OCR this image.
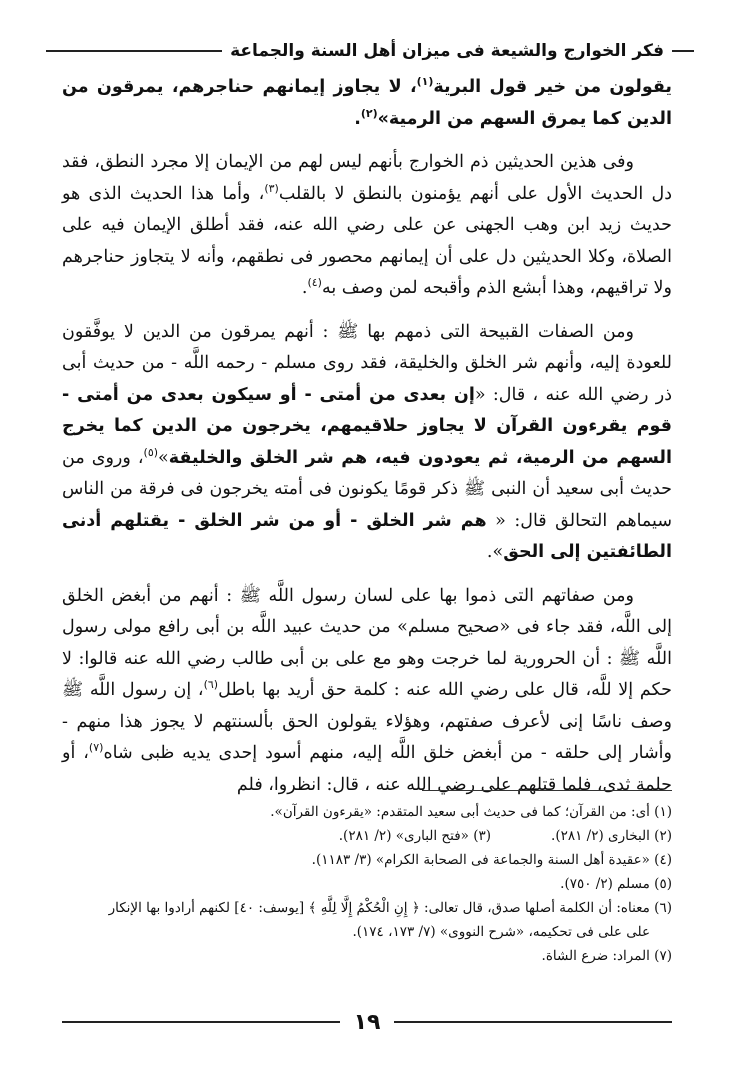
فكر الخوارج والشيعة فى ميزان أهل السنة والجماعة

يقولون من خير قول البرية$^{(١)}$، لا يجاوز إيمانهم حناجرهم، يمرقون من الدين كما يمرق السهم من الرمية»$^{(٢)}$.

وفى هذين الحديثين ذم الخوارج بأنهم ليس لهم من الإيمان إلا مجرد النطق، فقد دل الحديث الأول على أنهم يؤمنون بالنطق لا بالقلب$^{(٣)}$، وأما هذا الحديث الذى هو حديث زيد ابن وهب الجهنى عن على رضي الله عنه، فقد أطلق الإيمان فيه على الصلاة، وكلا الحديثين دل على أن إيمانهم محصور فى نطقهم، وأنه لا يتجاوز حناجرهم ولا تراقيهم، وهذا أبشع الذم وأقبحه لمن وصف به$^{(٤)}$.

ومن الصفات القبيحة التى ذمهم بها ﷺ : أنهم يمرقون من الدين لا يوفَّقون للعودة إليه، وأنهم شر الخلق والخليقة، فقد روى مسلم - رحمه اللَّه - من حديث أبى ذر رضي الله عنه ، قال: «إن بعدى من أمتى - أو سيكون بعدى من أمتى - قوم يقرءون القرآن لا يجاوز حلاقيمهم، يخرجون من الدين كما يخرج السهم من الرمية، ثم يعودون فيه، هم شر الخلق والخليقة»$^{(٥)}$، وروى من حديث أبى سعيد أن النبى ﷺ ذكر قومًا يكونون فى أمته يخرجون فى فرقة من الناس سيماهم التحالق قال: « هم شر الخلق - أو من شر الخلق - يقتلهم أدنى الطائفتين إلى الحق».

ومن صفاتهم التى ذموا بها على لسان رسول اللَّه ﷺ : أنهم من أبغض الخلق إلى اللَّه، فقد جاء فى «صحيح مسلم» من حديث عبيد اللَّه بن أبى رافع مولى رسول اللَّه ﷺ : أن الحرورية لما خرجت وهو مع على بن أبى طالب رضي الله عنه قالوا: لا حكم إلا للَّه، قال على رضي الله عنه : كلمة حق أريد بها باطل$^{(٦)}$، إن رسول اللَّه ﷺ وصف ناسًا إنى لأعرف صفتهم، وهؤلاء يقولون الحق بألسنتهم لا يجوز هذا منهم - وأشار إلى حلقه - من أبغض خلق اللَّه إليه، منهم أسود إحدى يديه ظبى شاه$^{(٧)}$، أو حلمة ثدى، فلما قتلهم على رضي الله عنه ، قال: انظروا، فلم

(١) أى: من القرآن؛ كما فى حديث أبى سعيد المتقدم: «يقرءون القرآن».

(٢) البخارى (٢/ ٢٨١).

(٣) «فتح البارى» (٢/ ٢٨١).

(٤) «عقيدة أهل السنة والجماعة فى الصحابة الكرام» (٣/ ١١٨٣).

(٥) مسلم (٢/ ٧٥٠).

(٦) معناه: أن الكلمة أصلها صدق، قال تعالى: ﴿ إِنِ الْحُكْمُ إِلَّا لِلَّهِ ﴾ [يوسف: ٤٠] لكنهم أرادوا بها الإنكار

على على فى تحكيمه، «شرح النووى» (٧/ ١٧٣، ١٧٤).

(٧) المراد: ضرع الشاة.

١٩
